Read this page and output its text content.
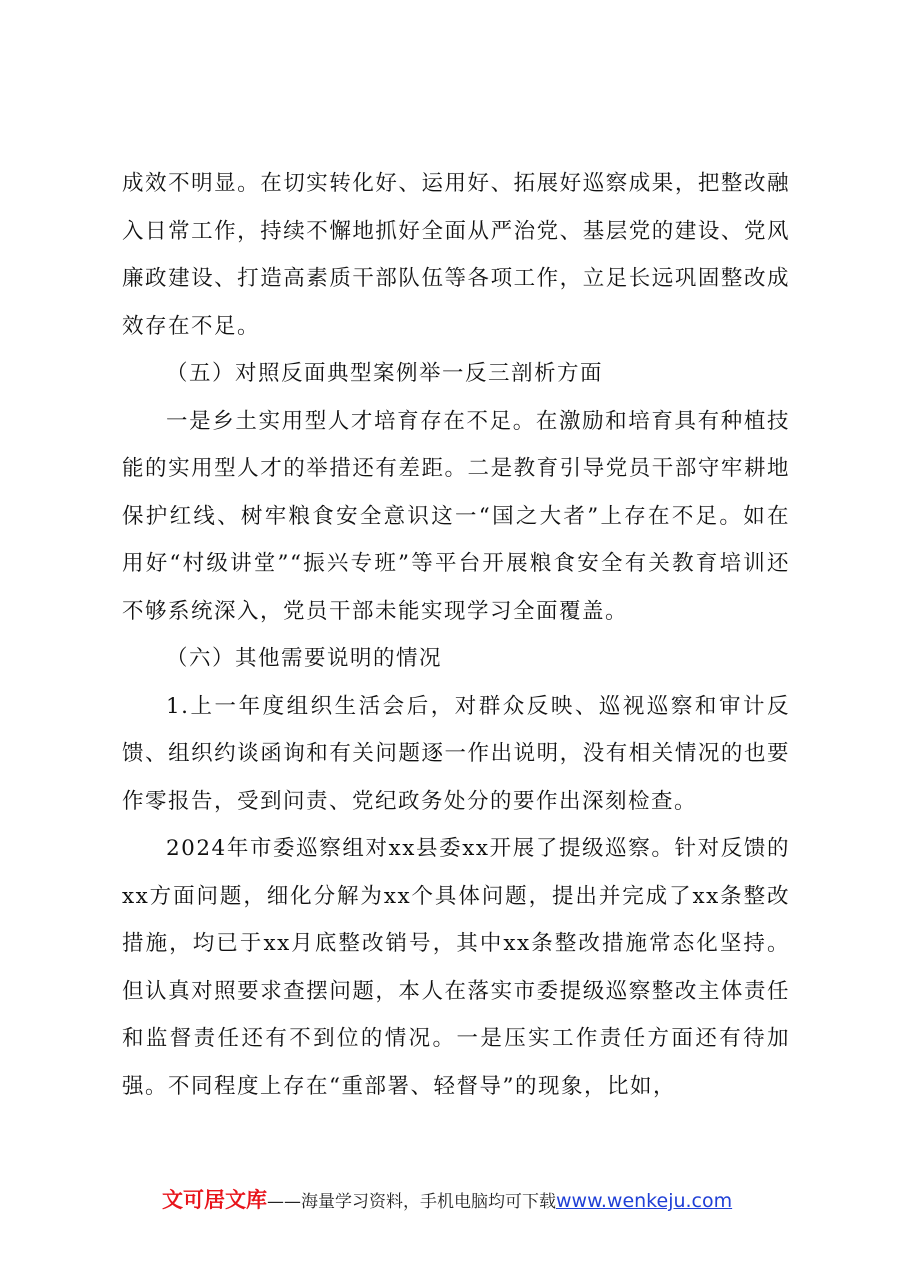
成效不明显。在切实转化好、运用好、拓展好巡察成果，把整改融入日常工作，持续不懈地抓好全面从严治党、基层党的建设、党风廉政建设、打造高素质干部队伍等各项工作，立足长远巩固整改成效存在不足。

（五）对照反面典型案例举一反三剖析方面

一是乡土实用型人才培育存在不足。在激励和培育具有种植技能的实用型人才的举措还有差距。二是教育引导党员干部守牢耕地保护红线、树牢粮食安全意识这一“国之大者”上存在不足。如在用好“村级讲堂”“振兴专班”等平台开展粮食安全有关教育培训还不够系统深入，党员干部未能实现学习全面覆盖。

（六）其他需要说明的情况

1.上一年度组织生活会后，对群众反映、巡视巡察和审计反馈、组织约谈函询和有关问题逐一作出说明，没有相关情况的也要作零报告，受到问责、党纪政务处分的要作出深刻检查。

2024年市委巡察组对xx县委xx开展了提级巡察。针对反馈的xx方面问题，细化分解为xx个具体问题，提出并完成了xx条整改措施，均已于xx月底整改销号，其中xx条整改措施常态化坚持。但认真对照要求查摆问题，本人在落实市委提级巡察整改主体责任和监督责任还有不到位的情况。一是压实工作责任方面还有待加强。不同程度上存在“重部署、轻督导”的现象，比如，

文可居文库——海量学习资料，手机电脑均可下载www.wenkeju.com
